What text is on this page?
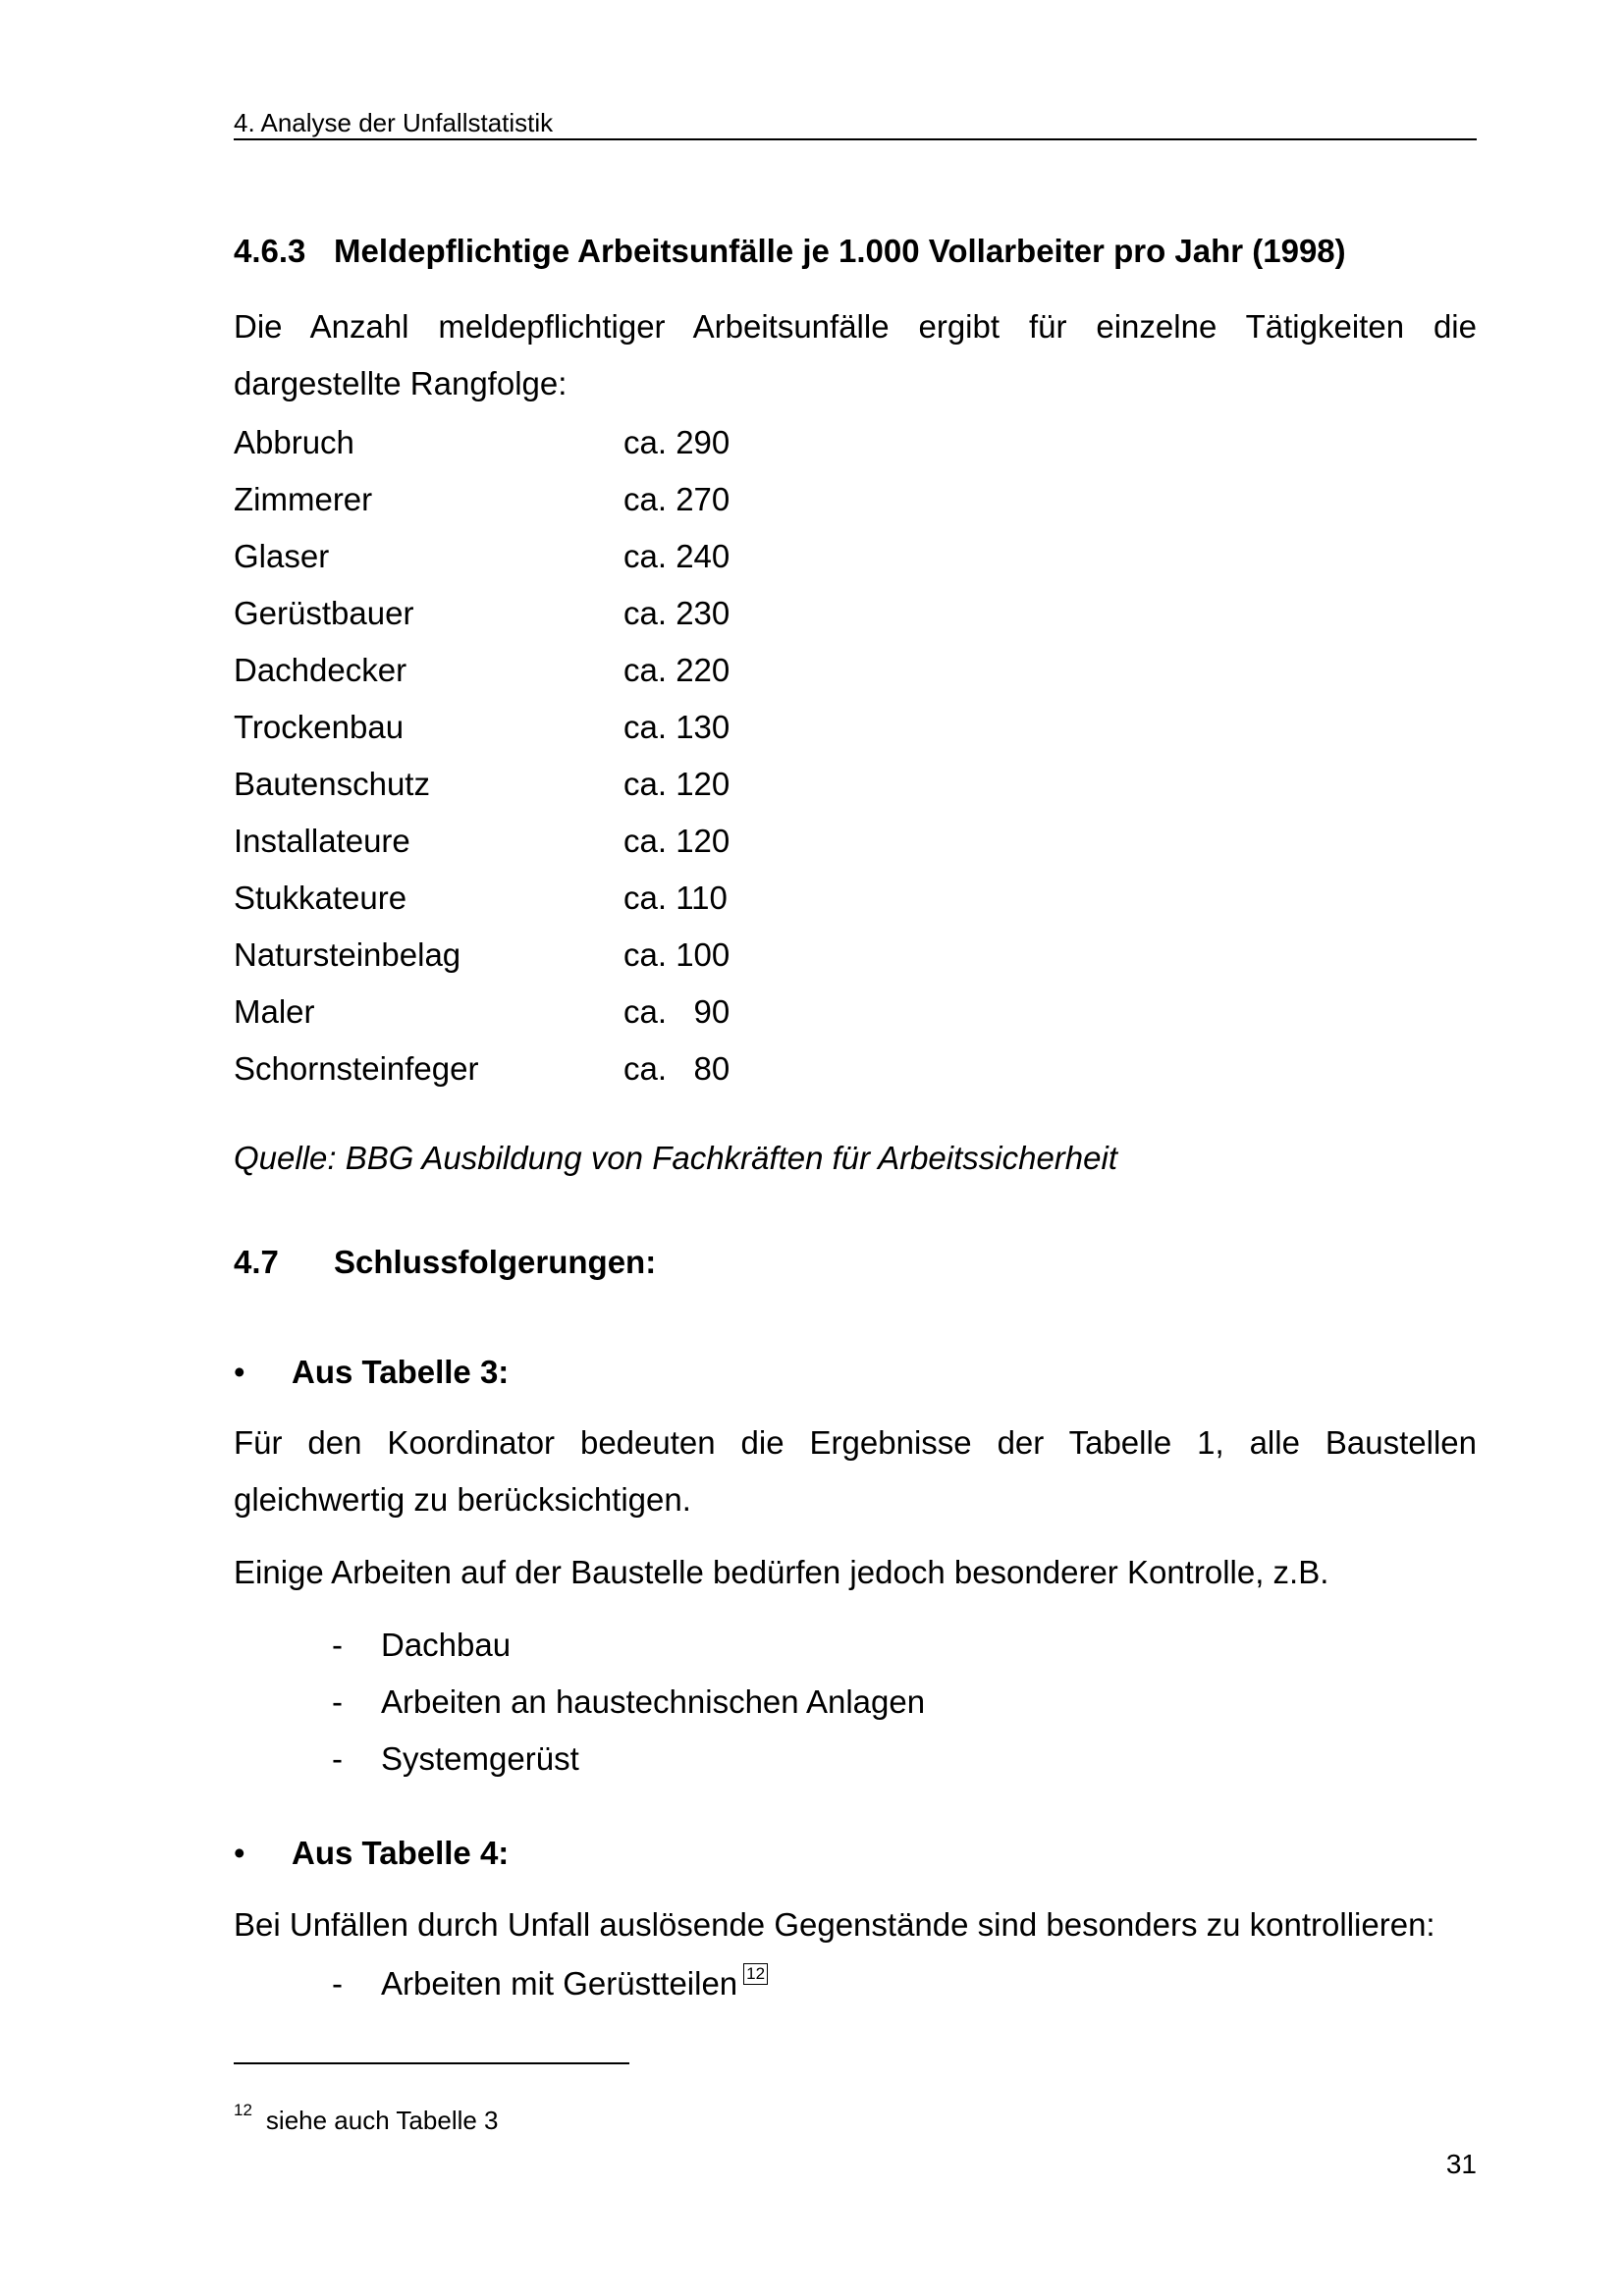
4. Analyse der Unfallstatistik
4.6.3 Meldepflichtige Arbeitsunfälle je 1.000 Vollarbeiter pro Jahr (1998)
Die Anzahl meldepflichtiger Arbeitsunfälle ergibt für einzelne Tätigkeiten die dargestellte Rangfolge:
Abbruch	ca. 290
Zimmerer	ca. 270
Glaser	ca. 240
Gerüstbauer	ca. 230
Dachdecker	ca. 220
Trockenbau	ca. 130
Bautenschutz	ca. 120
Installateure	ca. 120
Stukkateure	ca. 110
Natursteinbelag	ca. 100
Maler	ca.   90
Schornsteinfeger	ca.   80
Quelle: BBG Ausbildung von Fachkräften für Arbeitssicherheit
4.7 Schlussfolgerungen:
• Aus Tabelle 3:
Für den Koordinator bedeuten die Ergebnisse der Tabelle 1, alle Baustellen gleichwertig zu berücksichtigen.
Einige Arbeiten auf der Baustelle bedürfen jedoch besonderer Kontrolle, z.B.
- Dachbau
- Arbeiten an haustechnischen Anlagen
- Systemgerüst
• Aus Tabelle 4:
Bei Unfällen durch Unfall auslösende Gegenstände sind besonders zu kontrollieren:
- Arbeiten mit Gerüstteilen 12
$^{12}$ siehe auch Tabelle 3
31
